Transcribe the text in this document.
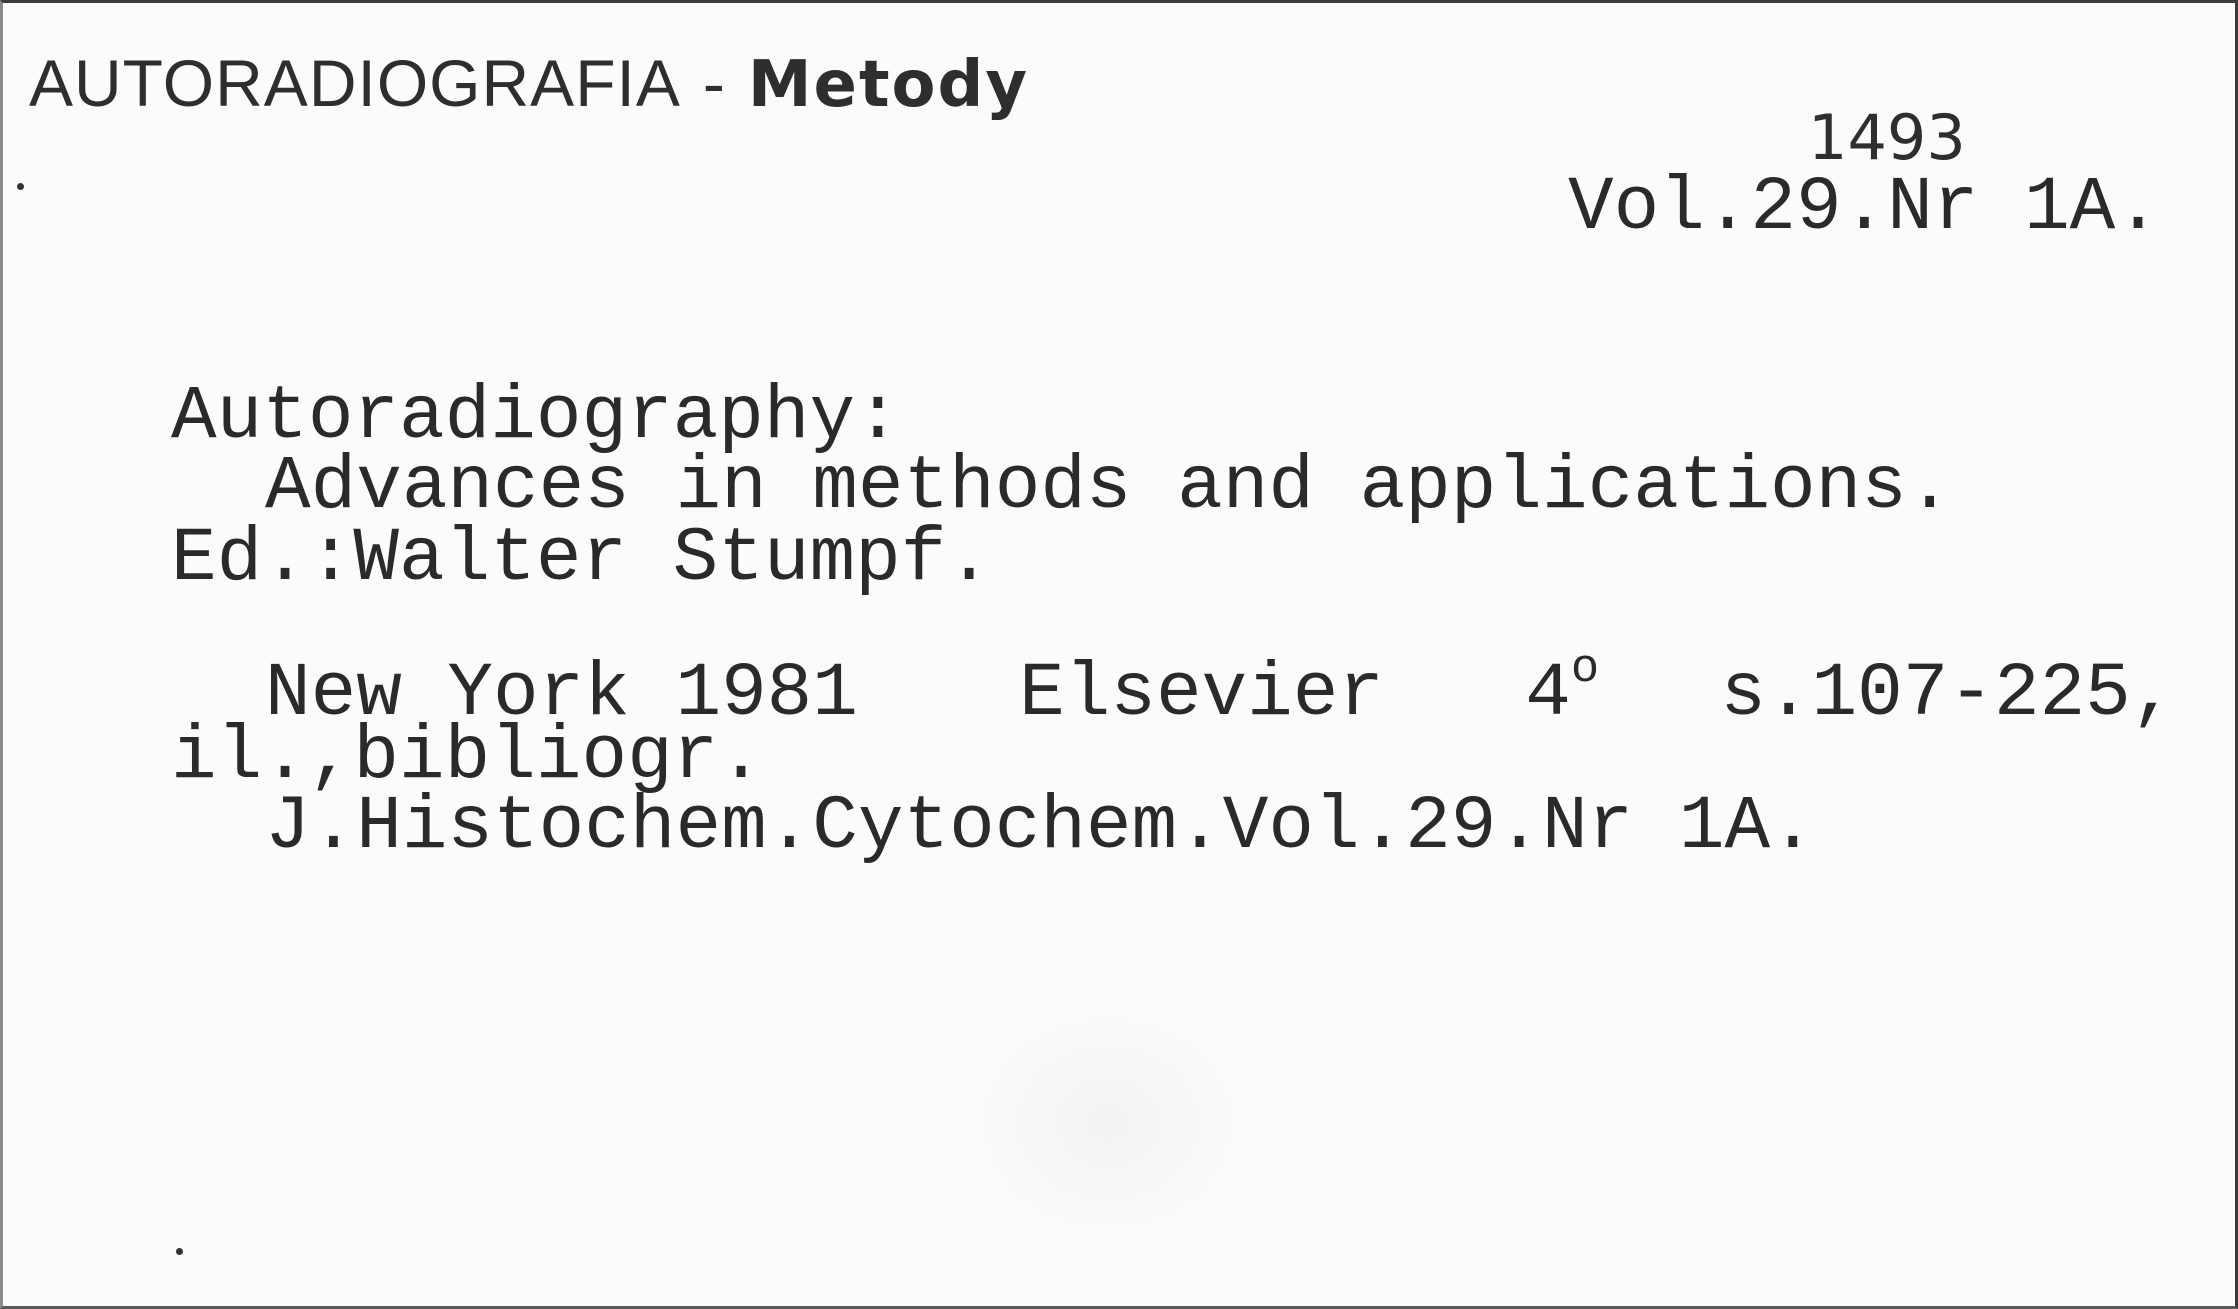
AUTORADIOGRAFIA - Metody
1493
Vol.29.Nr 1A.
Autoradiography:
Advances in methods and applications.
Ed.:Walter Stumpf.
New York 1981 Elsevier 4$^o$ s.107-225,
il.,bibliogr.
J.Histochem.Cytochem.Vol.29.Nr 1A.
